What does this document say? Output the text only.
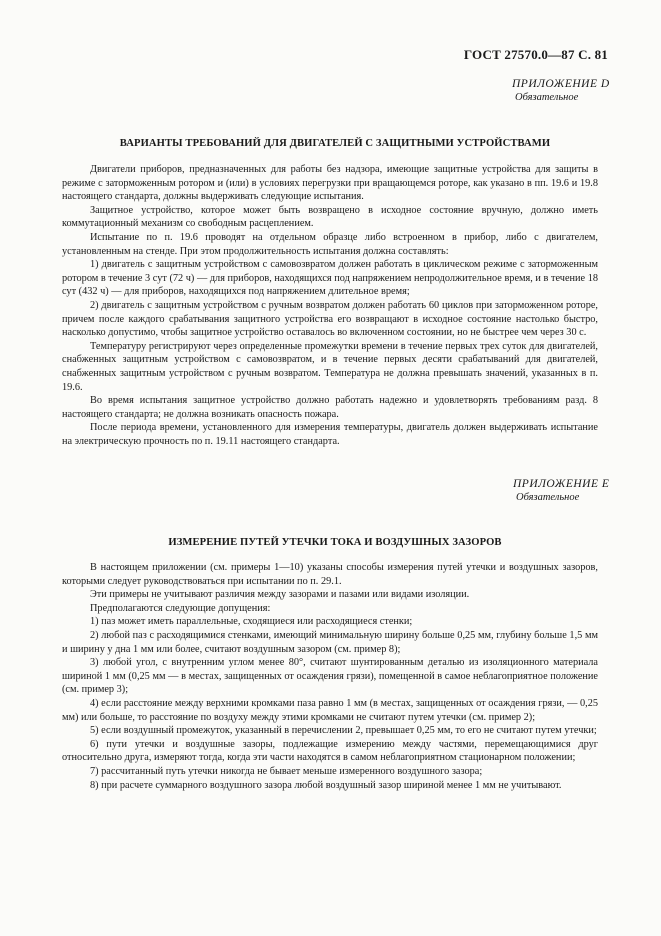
ГОСТ 27570.0—87 С. 81
ПРИЛОЖЕНИЕ D
Обязательное
ВАРИАНТЫ ТРЕБОВАНИЙ ДЛЯ ДВИГАТЕЛЕЙ С ЗАЩИТНЫМИ УСТРОЙСТВАМИ

Двигатели приборов, предназначенных для работы без надзора, имеющие защитные устройства для защиты в режиме с заторможенным ротором и (или) в условиях перегрузки при вращающемся роторе, как указано в пп. 19.6 и 19.8 настоящего стандарта, должны выдерживать следующие испытания.

Защитное устройство, которое может быть возвращено в исходное состояние вручную, должно иметь коммутационный механизм со свободным расцеплением.

Испытание по п. 19.6 проводят на отдельном образце либо встроенном в прибор, либо с двигателем, установленным на стенде. При этом продолжительность испытания должна составлять:

1) двигатель с защитным устройством с самовозвратом должен работать в циклическом режиме с заторможенным ротором в течение 3 сут (72 ч) — для приборов, находящихся под напряжением непродолжительное время, и в течение 18 сут (432 ч) — для приборов, находящихся под напряжением длительное время;

2) двигатель с защитным устройством с ручным возвратом должен работать 60 циклов при заторможенном роторе, причем после каждого срабатывания защитного устройства его возвращают в исходное состояние настолько быстро, насколько допустимо, чтобы защитное устройство оставалось во включенном состоянии, но не быстрее чем через 30 с.

Температуру регистрируют через определенные промежутки времени в течение первых трех суток для двигателей, снабженных защитным устройством с самовозвратом, и в течение первых десяти срабатываний для двигателей, снабженных защитным устройством с ручным возвратом. Температура не должна превышать значений, указанных в п. 19.6.

Во время испытания защитное устройство должно работать надежно и удовлетворять требованиям разд. 8 настоящего стандарта; не должна возникать опасность пожара.

После периода времени, установленного для измерения температуры, двигатель должен выдерживать испытание на электрическую прочность по п. 19.11 настоящего стандарта.

ПРИЛОЖЕНИЕ Е
Обязательное
ИЗМЕРЕНИЕ ПУТЕЙ УТЕЧКИ ТОКА И ВОЗДУШНЫХ ЗАЗОРОВ

В настоящем приложении (см. примеры 1—10) указаны способы измерения путей утечки и воздушных зазоров, которыми следует руководствоваться при испытании по п. 29.1.

Эти примеры не учитывают различия между зазорами и пазами или видами изоляции.

Предполагаются следующие допущения:

1) паз может иметь параллельные, сходящиеся или расходящиеся стенки;

2) любой паз с расходящимися стенками, имеющий минимальную ширину больше 0,25 мм, глубину больше 1,5 мм и ширину у дна 1 мм или более, считают воздушным зазором (см. пример 8);

3) любой угол, с внутренним углом менее 80°, считают шунтированным деталью из изоляционного материала шириной 1 мм (0,25 мм — в местах, защищенных от осаждения грязи), помещенной в самое неблагоприятное положение (см. пример 3);

4) если расстояние между верхними кромками паза равно 1 мм (в местах, защищенных от осаждения грязи, — 0,25 мм) или больше, то расстояние по воздуху между этими кромками не считают путем утечки (см. пример 2);

5) если воздушный промежуток, указанный в перечислении 2, превышает 0,25 мм, то его не считают путем утечки;

6) пути утечки и воздушные зазоры, подлежащие измерению между частями, перемещающимися друг относительно друга, измеряют тогда, когда эти части находятся в самом неблагоприятном стационарном положении;

7) рассчитанный путь утечки никогда не бывает меньше измеренного воздушного зазора;

8) при расчете суммарного воздушного зазора любой воздушный зазор шириной менее 1 мм не учитывают.
